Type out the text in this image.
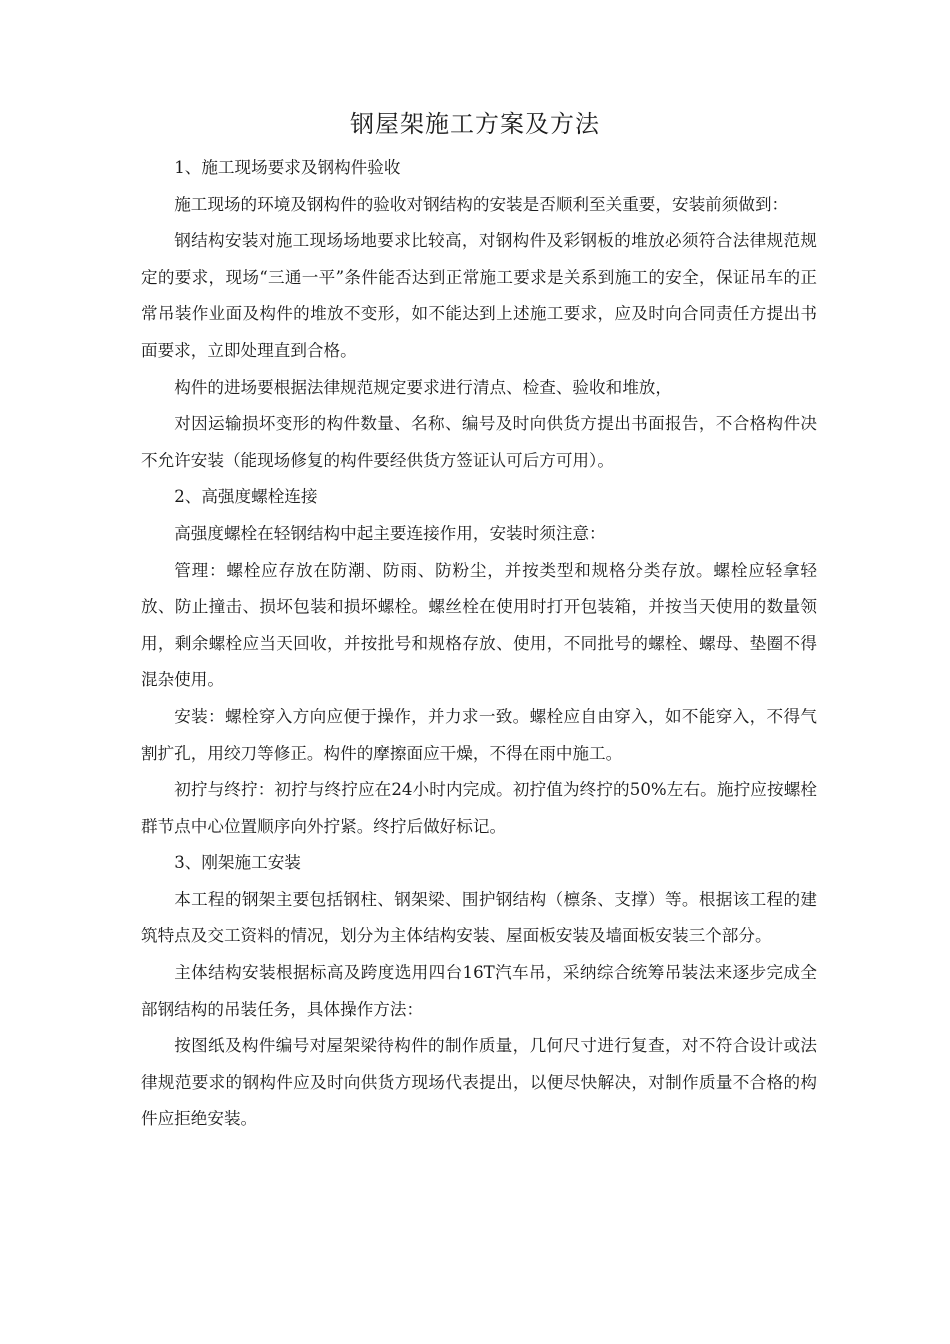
钢屋架施工方案及方法

1、施工现场要求及钢构件验收

施工现场的环境及钢构件的验收对钢结构的安装是否顺利至关重要，安装前须做到：

钢结构安装对施工现场场地要求比较高，对钢构件及彩钢板的堆放必须符合法律规范规定的要求，现场“三通一平”条件能否达到正常施工要求是关系到施工的安全，保证吊车的正常吊装作业面及构件的堆放不变形，如不能达到上述施工要求，应及时向合同责任方提出书面要求，立即处理直到合格。

构件的进场要根据法律规范规定要求进行清点、检查、验收和堆放，

对因运输损坏变形的构件数量、名称、编号及时向供货方提出书面报告，不合格构件决不允许安装（能现场修复的构件要经供货方签证认可后方可用）。

2、高强度螺栓连接

高强度螺栓在轻钢结构中起主要连接作用，安装时须注意：

管理：螺栓应存放在防潮、防雨、防粉尘，并按类型和规格分类存放。螺栓应轻拿轻放、防止撞击、损坏包装和损坏螺栓。螺丝栓在使用时打开包装箱，并按当天使用的数量领用，剩余螺栓应当天回收，并按批号和规格存放、使用，不同批号的螺栓、螺母、垫圈不得混杂使用。

安装：螺栓穿入方向应便于操作，并力求一致。螺栓应自由穿入，如不能穿入，不得气割扩孔，用绞刀等修正。构件的摩擦面应干燥，不得在雨中施工。

初拧与终拧：初拧与终拧应在24小时内完成。初拧值为终拧的50%左右。施拧应按螺栓群节点中心位置顺序向外拧紧。终拧后做好标记。

3、刚架施工安装

本工程的钢架主要包括钢柱、钢架梁、围护钢结构（檩条、支撑）等。根据该工程的建筑特点及交工资料的情况，划分为主体结构安装、屋面板安装及墙面板安装三个部分。

主体结构安装根据标高及跨度选用四台16T汽车吊，采纳综合统筹吊装法来逐步完成全部钢结构的吊装任务，具体操作方法：

按图纸及构件编号对屋架梁待构件的制作质量，几何尺寸进行复查，对不符合设计或法律规范要求的钢构件应及时向供货方现场代表提出，以便尽快解决，对制作质量不合格的构件应拒绝安装。
